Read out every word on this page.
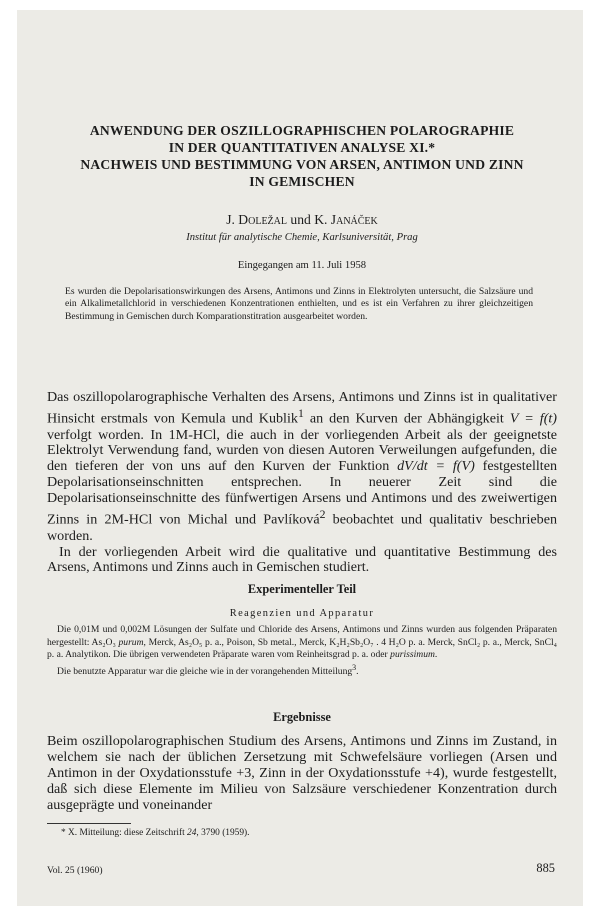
ANWENDUNG DER OSZILLOGRAPHISCHEN POLAROGRAPHIE
IN DER QUANTITATIVEN ANALYSE XI.*
NACHWEIS UND BESTIMMUNG VON ARSEN, ANTIMON UND ZINN
IN GEMISCHEN
J. Doležal und K. Janáček
Institut für analytische Chemie, Karlsuniversität, Prag
Eingegangen am 11. Juli 1958
Es wurden die Depolarisationswirkungen des Arsens, Antimons und Zinns in Elektrolyten untersucht, die Salzsäure und ein Alkalimetallchlorid in verschiedenen Konzentrationen enthielten, und es ist ein Verfahren zu ihrer gleichzeitigen Bestimmung in Gemischen durch Komparationstitration ausgearbeitet worden.

Das oszillopolarographische Verhalten des Arsens, Antimons und Zinns ist in qualitativer Hinsicht erstmals von Kemula und Kublik$^1$ an den Kurven der Abhängigkeit V = f(t) verfolgt worden. In 1M-HCl, die auch in der vorliegenden Arbeit als der geeignetste Elektrolyt Verwendung fand, wurden von diesen Autoren Verweilungen aufgefunden, die den tieferen der von uns auf den Kurven der Funktion dV/dt = f(V) festgestellten Depolarisationseinschnitten entsprechen. In neuerer Zeit sind die Depolarisationseinschnitte des fünfwertigen Arsens und Antimons und des zweiwertigen Zinns in 2M-HCl von Michal und Pavlíková$^2$ beobachtet und qualitativ beschrieben worden.

In der vorliegenden Arbeit wird die qualitative und quantitative Bestimmung des Arsens, Antimons und Zinns auch in Gemischen studiert.

Experimenteller Teil
Reagenzien und Apparatur

Die 0,01M und 0,002M Lösungen der Sulfate und Chloride des Arsens, Antimons und Zinns wurden aus folgenden Präparaten hergestellt: As₂O₃ purum, Merck, As₂O₅ p. a., Poison, Sb metal., Merck, K₂H₂Sb₂O₇ . 4 H₂O p. a. Merck, SnCl₂ p. a., Merck, SnCl₄ p. a. Analytikon. Die übrigen verwendeten Präparate waren vom Reinheitsgrad p. a. oder purissimum.

Die benutzte Apparatur war die gleiche wie in der vorangehenden Mitteilung$^3$.

Ergebnisse

Beim oszillopolarographischen Studium des Arsens, Antimons und Zinns im Zustand, in welchem sie nach der üblichen Zersetzung mit Schwefelsäure vorliegen (Arsen und Antimon in der Oxydationsstufe +3, Zinn in der Oxydationsstufe +4), wurde festgestellt, daß sich diese Elemente im Milieu von Salzsäure verschiedener Konzentration durch ausgeprägte und voneinander

* X. Mitteilung: diese Zeitschrift 24, 3790 (1959).
Vol. 25 (1960)	885
